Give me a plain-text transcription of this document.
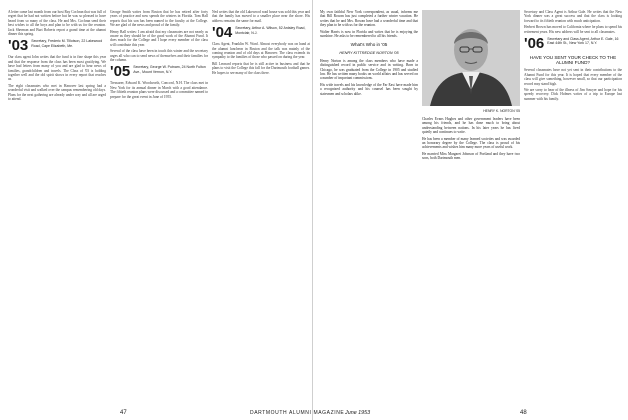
A letter came last month from our host Ray Cochran that was full of regret that he had not written before but he was so pleased to have heard from so many of the class. He and Mrs. Cochran send their best wishes to all the boys and plan to be with us for the reunion. Jack Sherman and Burt Roberts report a grand time at the alumni dinner this spring.

'03 Secretary, Frederic M. Tillotson, 22 Lakewood Road, Cape Elizabeth, Me.

Our class agent John writes that the fund is in fine shape this year and that the response from the class has been most gratifying. We have had letters from many of you and are glad to hear news of families, grandchildren and travels. The Class of '03 is holding together well and the old spirit shows in every report that reaches us.

The eight classmates who met in Hanover last spring had a wonderful visit and walked over the campus remembering old days. Plans for the next gathering are already under way and all are urged to attend.

George Smith writes from Boston that he has retired after forty years of practice and now spends the winters in Florida. Tom Hall reports that his son has been named to the faculty at the College. We are glad of the news and proud of the family.

Henry Ball writes: I am afraid that my classmates are not nearly as aware as they should be of the good work of the Alumni Fund. It does much for the College and I hope every member of the class will contribute this year.

Several of the class have been in touch this winter and the secretary urges all who can to send news of themselves and their families for the column.

'05 Secretary, George W. Putnam, 24 North Fulton Ave., Mount Vernon, N.Y.

Treasurer, Edward K. Woodworth, Concord, N.H. The class met in New York for its annual dinner in March with a good attendance. The fiftieth reunion plans were discussed and a committee named to prepare for the great event in June of 1955.

Ned writes that the old Lakewood road house was sold this year and that the family has moved to a smaller place near the shore. His address remains the same for mail.

'04 Secretary, Arthur A. Wilson, 52 Ardsley Road, Montclair, N.J.

Class Agent, Franklin W. Ward. Almost everybody was on hand at the alumni luncheon in Boston and the talk was mainly of the coming reunion and of old days at Hanover. The class extends its sympathy to the families of those who passed on during the year.

Bill Leonard reports that he is still active in business and that he plans to visit the College this fall for the Dartmouth football games. He hopes to see many of the class there.

My own faithful New York correspondent, as usual, informs me that Bill Rowan has just completed a further winter vacation. He writes that he and Mrs. Rowan have had a wonderful time and that they plan to be with us for the reunion.

Walter Harris is now in Florida and writes that he is enjoying the sunshine. He asks to be remembered to all his friends.

What's Who in '05
HENRY KITTREDGE NORTON '05

Henry Norton is among the class members who have made a distinguished record in public service and in writing. Born in Chicago, he was graduated from the College in 1905 and studied law. He has written many books on world affairs and has served on a number of important commissions.

His wide travels and his knowledge of the Far East have made him a recognized authority and his counsel has been sought by statesmen and scholars alike.

HENRY K. NORTON '05

Charles Evans Hughes and other government leaders have been among his friends, and he has done much to bring about understanding between nations. In his later years he has lived quietly and continues to write.

He has been a member of many learned societies and was awarded an honorary degree by the College. The class is proud of his achievements and wishes him many more years of useful work.

He married Miss Margaret Johnson of Portland and they have two sons, both Dartmouth men.

Secretary and Class Agent is Arthur Gale. He writes that the New York dinner was a great success and that the class is looking forward to its fiftieth reunion with much anticipation.

Herbert Brown has moved to California where he plans to spend his retirement years. His new address will be sent to all classmates.

'06 Secretary and Class Agent, Arthur E. Gale, 16 East 44th St., New York 17, N.Y.
HAVE YOU SENT YOUR CHECK TO THE ALUMNI FUND?

Several classmates have not yet sent in their contributions to the Alumni Fund for this year. It is hoped that every member of the class will give something, however small, so that our participation record may stand high.

We are sorry to hear of the illness of Jim Sawyer and hope for his speedy recovery. Dick Holmes writes of a trip to Europe last summer with his family.

47	DARTMOUTH ALUMNI MAGAZINE June 1953	48
